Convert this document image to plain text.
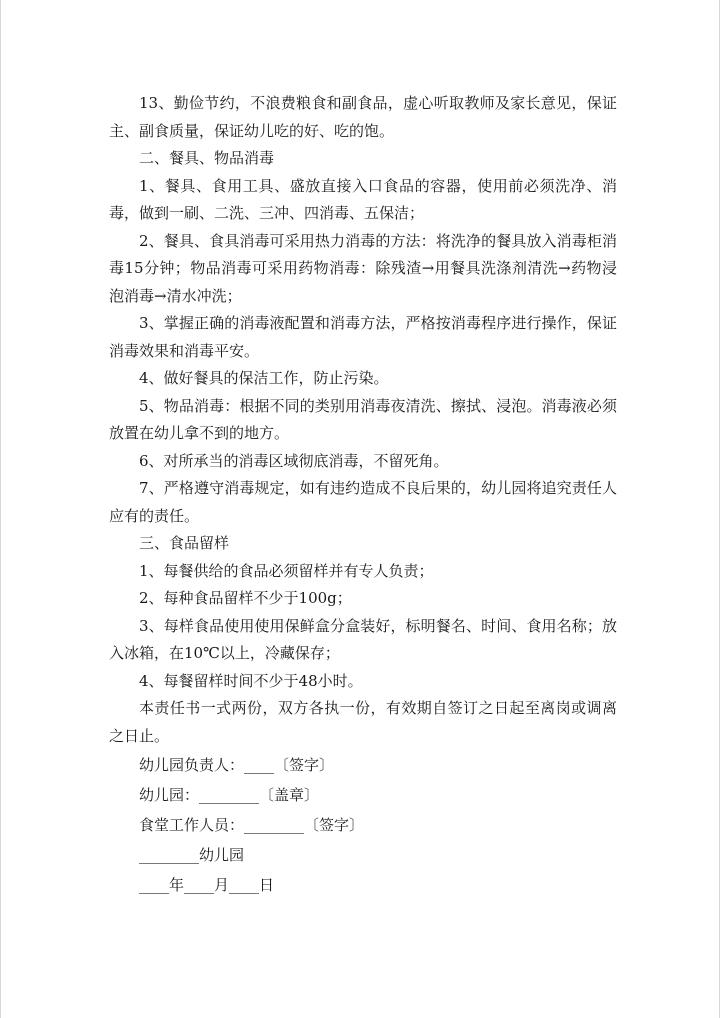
13、勤俭节约，不浪费粮食和副食品，虚心听取教师及家长意见，保证主、副食质量，保证幼儿吃的好、吃的饱。

二、餐具、物品消毒

1、餐具、食用工具、盛放直接入口食品的容器，使用前必须洗净、消毒，做到一刷、二洗、三冲、四消毒、五保洁；

2、餐具、食具消毒可采用热力消毒的方法：将洗净的餐具放入消毒柜消毒15分钟；物品消毒可采用药物消毒：除残渣→用餐具洗涤剂清洗→药物浸泡消毒→清水冲洗；

3、掌握正确的消毒液配置和消毒方法，严格按消毒程序进行操作，保证消毒效果和消毒平安。

4、做好餐具的保洁工作，防止污染。

5、物品消毒：根据不同的类别用消毒夜清洗、擦拭、浸泡。消毒液必须放置在幼儿拿不到的地方。

6、对所承当的消毒区域彻底消毒，不留死角。

7、严格遵守消毒规定，如有违约造成不良后果的，幼儿园将追究责任人应有的责任。

三、食品留样

1、每餐供给的食品必须留样并有专人负责；

2、每种食品留样不少于100g；

3、每样食品使用使用保鲜盒分盒装好，标明餐名、时间、食用名称；放入冰箱，在10℃以上，冷藏保存；

4、每餐留样时间不少于48小时。

本责任书一式两份，双方各执一份，有效期自签订之日起至离岗或调离之日止。

幼儿园负责人：____〔签字〕

幼儿园：________〔盖章〕

食堂工作人员：________〔签字〕

________幼儿园

____年____月____日
